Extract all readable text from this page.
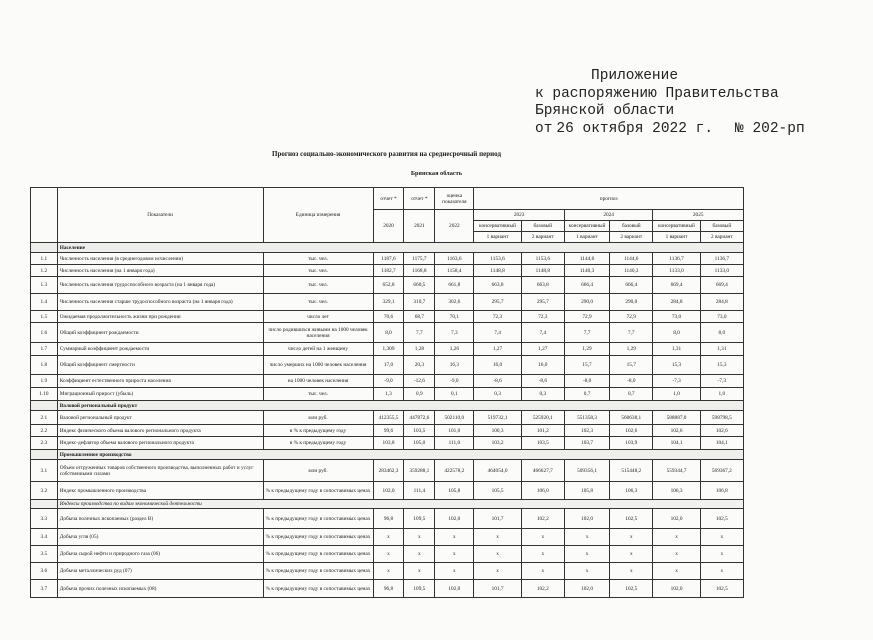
Приложение
к распоряжению Правительства
Брянской области
от 26 октября 2022 г. № 202-рп
Прогноз социально-экономического развития на среднесрочный период
Брянская область
	Показатели	Единица измерения	отчет *	отчет *	оценка показателя	прогноз					
			2020	2021	2022	2023		2024		2025	
						консервативный	базовый	консервативный	базовый	консервативный	базовый
						1 вариант	2 вариант	1 вариант	2 вариант	1 вариант	2 вариант
	Население										
1.1	Численность населения (в среднегодовом исчислении)	тыс. чел.	1187,6	1175,7	1163,6	1153,6	1153,6	1144,6	1144,6	1136,7	1136,7
1.2	Численность населения (на 1 января года)	тыс. чел.	1182,7	1168,8	1158,4	1148,8	1148,8	1140,3	1140,3	1133,0	1133,0
1.3	Численность населения трудоспособного возраста (на 1 января года)	тыс. чел.	652,8	660,5	661,8	663,8	663,8	666,4	666,4	669,4	669,4
1.4	Численность населения старше трудоспособного возраста (на 1 января года)	тыс. чел.	329,1	310,7	302,6	295,7	295,7	290,0	290,0	284,8	284,8
1.5	Ожидаемая продолжительность жизни при рождении	число лет	70,6	68,7	70,1	72,3	72,3	72,9	72,9	73,0	73,0
1.6	Общий коэффициент рождаемости	число родившихся живыми на 1000 человек населения	8,0	7,7	7,3	7,4	7,4	7,7	7,7	8,0	8,0
1.7	Суммарный коэффициент рождаемости	число детей на 1 женщину	1,309	1,28	1,26	1,27	1,27	1,29	1,29	1,31	1,31
1.8	Общий коэффициент смертности	число умерших на 1000 человек населения	17,0	20,3	16,3	16,0	16,0	15,7	15,7	15,3	15,3
1.9	Коэффициент естественного прироста населения	на 1000 человек населения	-9,0	-12,6	-9,0	-8,6	-8,6	-8,0	-8,0	-7,3	-7,3
1.10	Миграционный прирост (убыль)	тыс. чел.	1,3	0,9	0,1	0,3	0,3	0,7	0,7	1,0	1,0
	Валовой региональный продукт										
2.1	Валовой региональный продукт	млн руб.	412355,5	447872,6	502110,0	519732,1	525920,1	551358,3	560638,1	588887,0	598798,5
2.2	Индекс физического объема валового регионального продукта	в % к предыдущему году	99,6	103,5	101,0	100,3	101,2	102,3	102,6	102,6	102,6
2.3	Индекс-дефлятор объема валового регионального продукта	в % к предыдущему году	103,8	105,0	111,0	103,2	103,5	103,7	103,9	104,1	104,1
	Промышленное производство										
3.1	Объем отгруженных товаров собственного производства, выполненных работ и услуг собственными силами	млн руб.	283462,3	359288,1	422578,2	464054,0	466627,7	509356,1	515448,2	559344,7	569367,2
3.2	Индекс промышленного производства	% к предыдущему году в сопоставимых ценах	102,0	111,4	105,8	105,5	106,0	105,8	106,3	106,3	106,8
	Индексы производства по видам экономической деятельности										
3.3	Добыча полезных ископаемых (раздел B)	% к предыдущему году в сопоставимых ценах	96,8	109,5	102,0	101,7	102,2	102,0	102,5	102,0	102,5
3.4	Добыча угля (05)	% к предыдущему году в сопоставимых ценах	x	x	x	x	x	x	x	x	x
3.5	Добыча сырой нефти и природного газа (06)	% к предыдущему году в сопоставимых ценах	x	x	x	x	x	x	x	x	x
3.6	Добыча металлических руд (07)	% к предыдущему году в сопоставимых ценах	x	x	x	x	x	x	x	x	x
3.7	Добыча прочих полезных ископаемых (08)	% к предыдущему году в сопоставимых ценах	96,8	109,5	102,0	101,7	102,2	102,0	102,5	102,0	102,5
